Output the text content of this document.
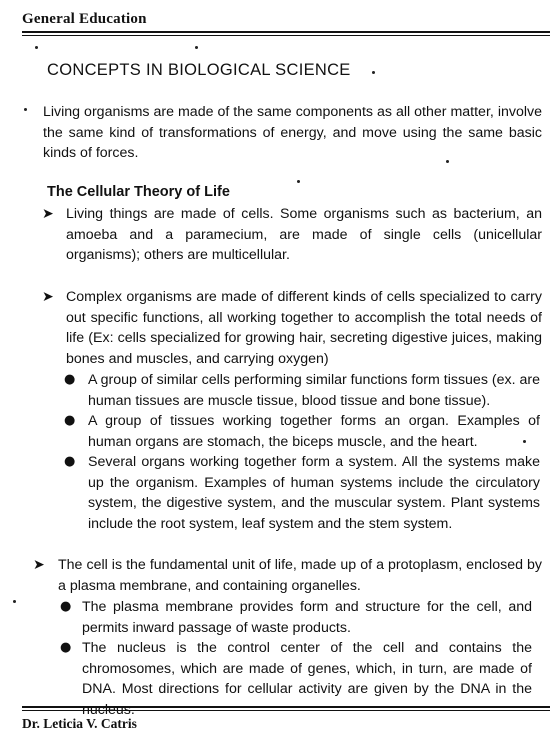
General Education
CONCEPTS IN BIOLOGICAL SCIENCE
Living organisms are made of the same components as all other matter, involve the same kind of transformations of energy, and move using the same basic kinds of forces.
The Cellular Theory of Life
➤ Living things are made of cells. Some organisms such as bacterium, an amoeba and a paramecium, are made of single cells (unicellular organisms); others are multicellular.
➤ Complex organisms are made of different kinds of cells specialized to carry out specific functions, all working together to accomplish the total needs of life (Ex: cells specialized for growing hair, secreting digestive juices, making bones and muscles, and carrying oxygen)
● A group of similar cells performing similar functions form tissues (ex. are human tissues are muscle tissue, blood tissue and bone tissue).
● A group of tissues working together forms an organ. Examples of human organs are stomach, the biceps muscle, and the heart.
● Several organs working together form a system. All the systems make up the organism. Examples of human systems include the circulatory system, the digestive system, and the muscular system. Plant systems include the root system, leaf system and the stem system.
➤ The cell is the fundamental unit of life, made up of a protoplasm, enclosed by a plasma membrane, and containing organelles.
● The plasma membrane provides form and structure for the cell, and permits inward passage of waste products.
● The nucleus is the control center of the cell and contains the chromosomes, which are made of genes, which, in turn, are made of DNA. Most directions for cellular activity are given by the DNA in the
Dr. Leticia V. Catris
